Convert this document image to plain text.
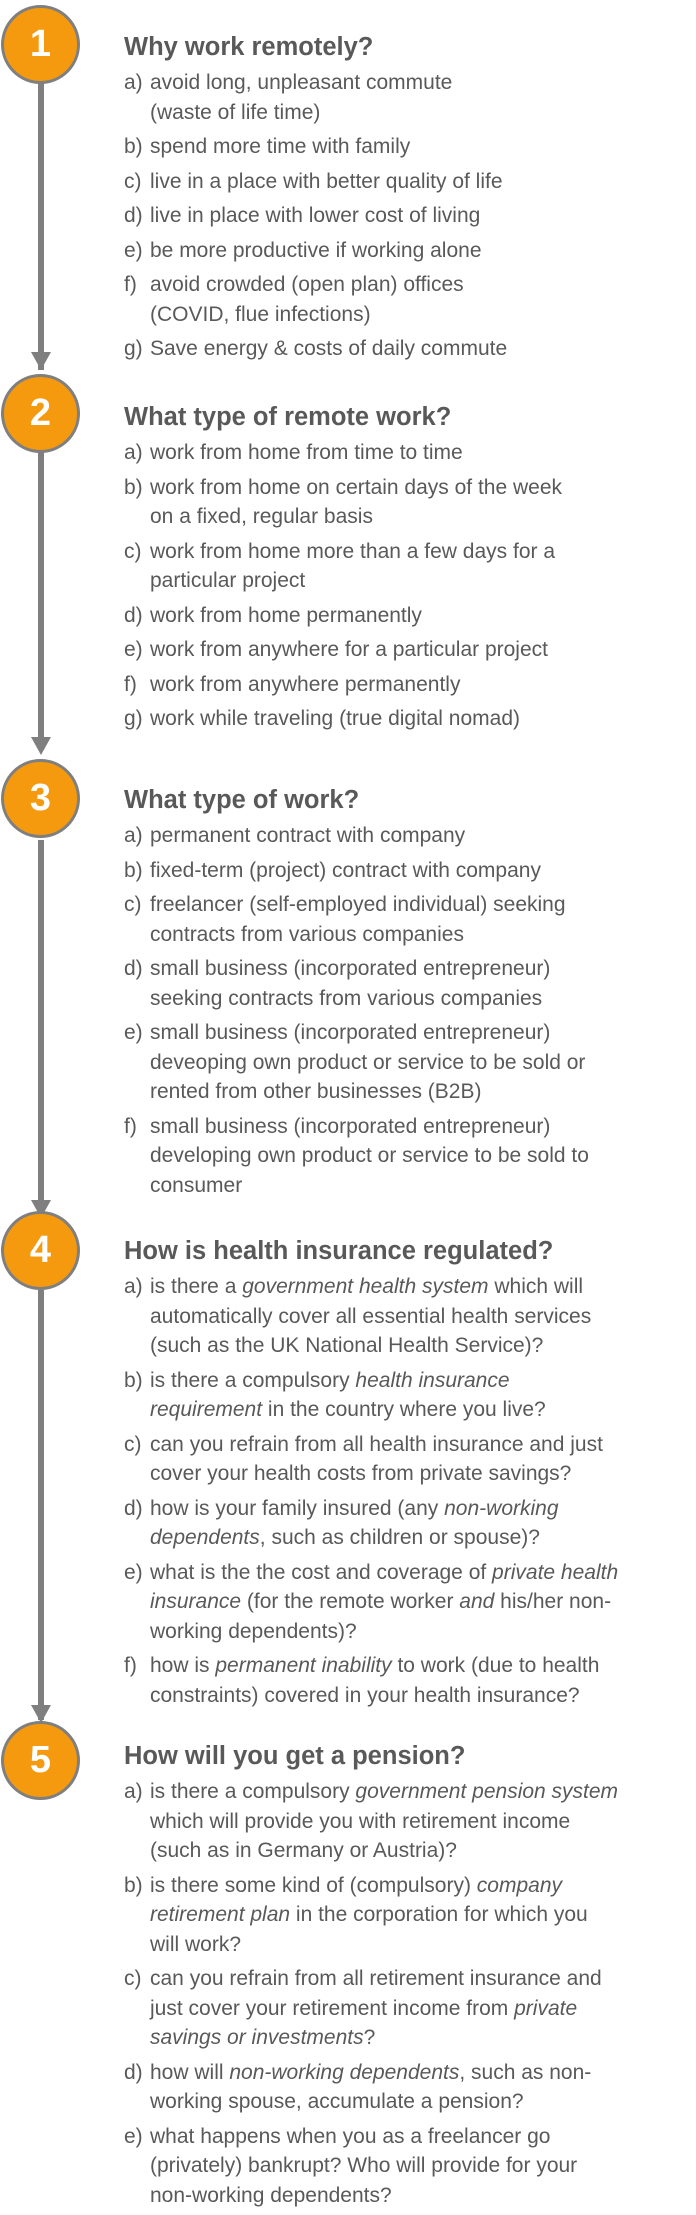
1
2
3
4
5
Why work remotely?
a) avoid long, unpleasant commute
(waste of life time)
b) spend more time with family
c) live in a place with better quality of life
d) live in place with lower cost of living
e) be more productive if working alone
f) avoid crowded (open plan) offices
(COVID, flue infections)
g) Save energy & costs of daily commute
What type of remote work?
a) work from home from time to time
b) work from home on certain days of the week
on a fixed, regular basis
c) work from home more than a few days for a
particular project
d) work from home permanently
e) work from anywhere for a particular project
f) work from anywhere permanently
g) work while traveling (true digital nomad)
What type of work?
a) permanent contract with company
b) fixed-term (project) contract with company
c) freelancer (self-employed individual) seeking
contracts from various companies
d) small business (incorporated entrepreneur)
seeking contracts from various companies
e) small business (incorporated entrepreneur)
deveoping own product or service to be sold or
rented from other businesses (B2B)
f) small business (incorporated entrepreneur)
developing own product or service to be sold to
consumer
How is health insurance regulated?
a) is there a government health system which will
automatically cover all essential health services
(such as the UK National Health Service)?
b) is there a compulsory health insurance
requirement in the country where you live?
c) can you refrain from all health insurance and just
cover your health costs from private savings?
d) how is your family insured (any non-working
dependents, such as children or spouse)?
e) what is the the cost and coverage of private health
insurance (for the remote worker and his/her non-
working dependents)?
f) how is permanent inability to work (due to health
constraints) covered in your health insurance?
How will you get a pension?
a) is there a compulsory government pension system
which will provide you with retirement income
(such as in Germany or Austria)?
b) is there some kind of (compulsory) company
retirement plan in the corporation for which you
will work?
c) can you refrain from all retirement insurance and
just cover your retirement income from private
savings or investments?
d) how will non-working dependents, such as non-
working spouse, accumulate a pension?
e) what happens when you as a freelancer go
(privately) bankrupt? Who will provide for your
non-working dependents?
